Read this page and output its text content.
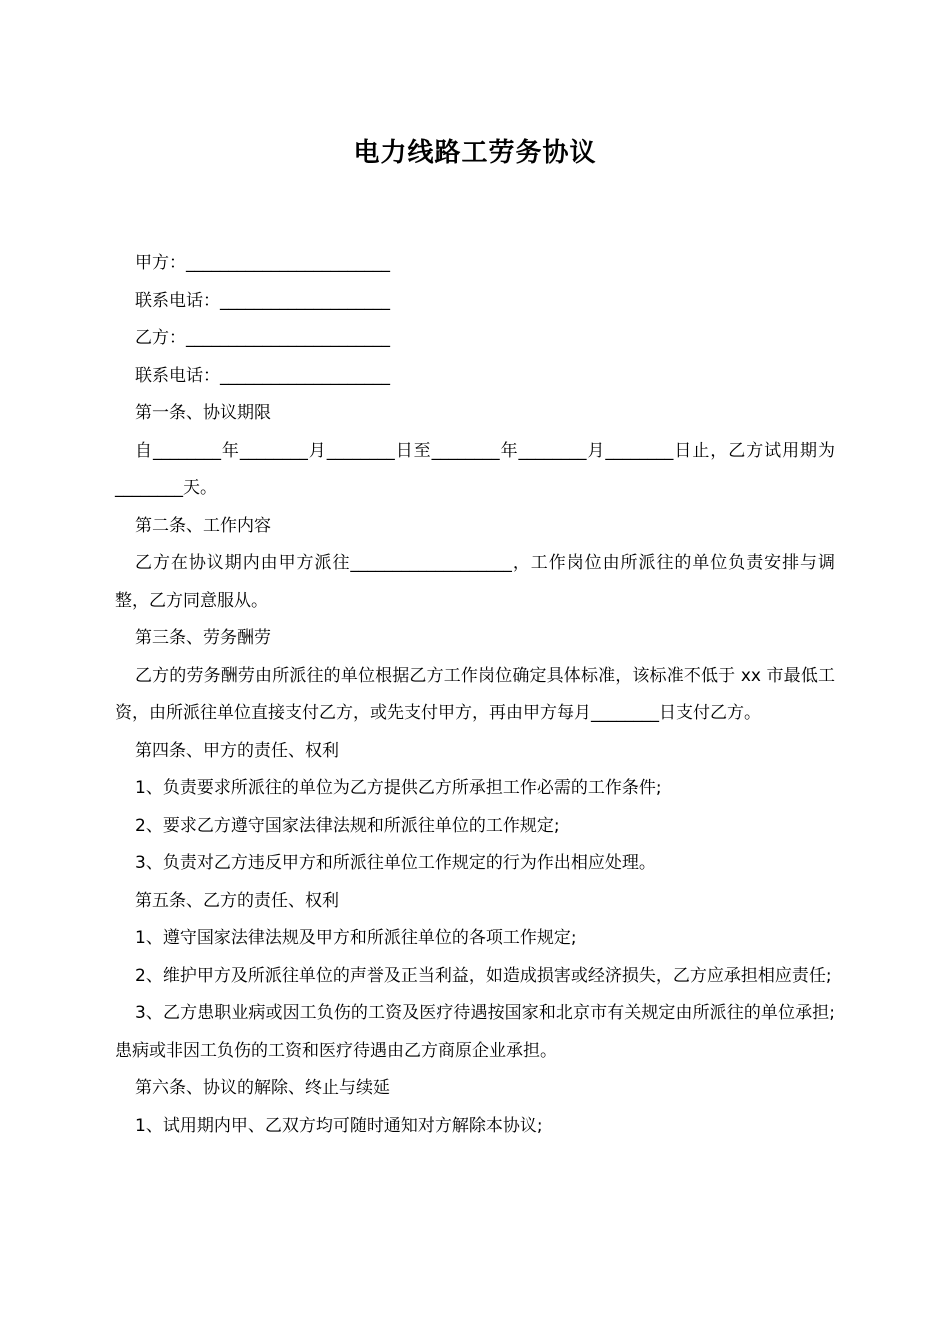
电力线路工劳务协议

甲方：________________________

联系电话：____________________

乙方：________________________

联系电话：____________________

第一条、协议期限

自________年________月________日至________年________月________日止，乙方试用期为________天。

第二条、工作内容

乙方在协议期内由甲方派往___________________，工作岗位由所派往的单位负责安排与调整，乙方同意服从。

第三条、劳务酬劳

乙方的劳务酬劳由所派往的单位根据乙方工作岗位确定具体标准，该标准不低于 xx 市最低工资，由所派往单位直接支付乙方，或先支付甲方，再由甲方每月________日支付乙方。

第四条、甲方的责任、权利

1、负责要求所派往的单位为乙方提供乙方所承担工作必需的工作条件;

2、要求乙方遵守国家法律法规和所派往单位的工作规定;

3、负责对乙方违反甲方和所派往单位工作规定的行为作出相应处理。

第五条、乙方的责任、权利

1、遵守国家法律法规及甲方和所派往单位的各项工作规定;

2、维护甲方及所派往单位的声誉及正当利益，如造成损害或经济损失，乙方应承担相应责任;

3、乙方患职业病或因工负伤的工资及医疗待遇按国家和北京市有关规定由所派往的单位承担;患病或非因工负伤的工资和医疗待遇由乙方商原企业承担。

第六条、协议的解除、终止与续延

1、试用期内甲、乙双方均可随时通知对方解除本协议;
